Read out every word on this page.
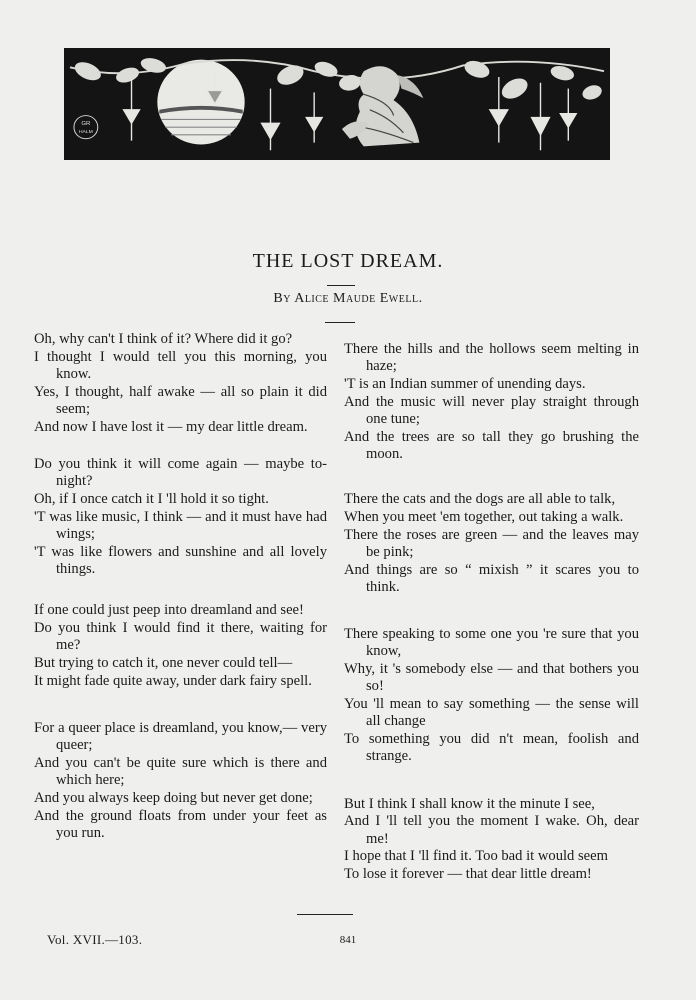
GR
HALM
THE LOST DREAM.
By Alice Maude Ewell.

Oh, why can't I think of it? Where did it go?

I thought I would tell you this morning, you know.

Yes, I thought, half awake — all so plain it did seem;

And now I have lost it — my dear little dream.

Do you think it will come again — maybe to-night?

Oh, if I once catch it I 'll hold it so tight.

'T was like music, I think — and it must have had wings;

'T was like flowers and sunshine and all lovely things.

If one could just peep into dreamland and see!

Do you think I would find it there, waiting for me?

But trying to catch it, one never could tell—

It might fade quite away, under dark fairy spell.

For a queer place is dreamland, you know,— very queer;

And you can't be quite sure which is there and which here;

And you always keep doing but never get done;

And the ground floats from under your feet as you run.

There the hills and the hollows seem melting in haze;

'T is an Indian summer of unending days.

And the music will never play straight through one tune;

And the trees are so tall they go brushing the moon.

There the cats and the dogs are all able to talk,

When you meet 'em together, out taking a walk.

There the roses are green — and the leaves may be pink;

And things are so “ mixish ” it scares you to think.

There speaking to some one you 're sure that you know,

Why, it 's somebody else — and that bothers you so!

You 'll mean to say something — the sense will all change

To something you did n't mean, foolish and strange.

But I think I shall know it the minute I see,

And I 'll tell you the moment I wake. Oh, dear me!

I hope that I 'll find it. Too bad it would seem

To lose it forever — that dear little dream!

Vol. XVII.—103.	841
